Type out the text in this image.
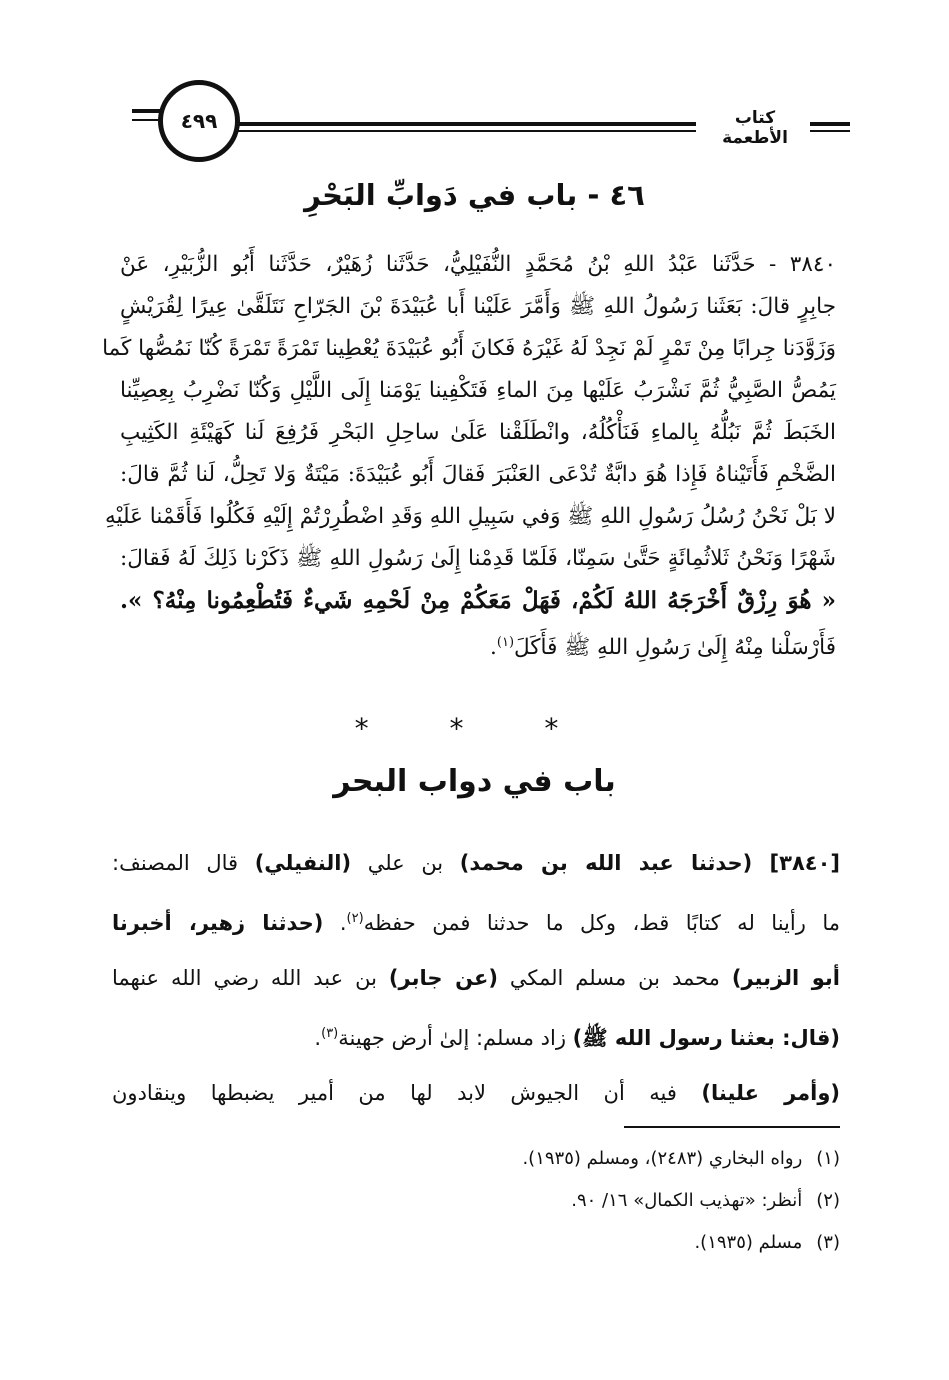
٤٩٩	كتاب الأطعمة
٤٦ - باب في دَوابِّ البَحْرِ
٣٨٤٠ - حَدَّثَنا عَبْدُ اللهِ بْنُ مُحَمَّدٍ النُّفَيْلِيُّ، حَدَّثَنا زُهَيْرٌ، حَدَّثَنا أَبُو الزُّبَيْرِ، عَنْ
جابِرٍ قالَ: بَعَثَنا رَسُولُ اللهِ ﷺ وَأَمَّرَ عَلَيْنا أَبا عُبَيْدَةَ بْنَ الجَرّاحِ نَتَلَقَّىٰ عِيرًا لِقُرَيْشٍ
وَزَوَّدَنا جِرابًا مِنْ تَمْرٍ لَمْ نَجِدْ لَهُ غَيْرَهُ فَكانَ أَبُو عُبَيْدَةَ يُعْطِينا تَمْرَةً تَمْرَةً كُنّا نَمُصُّها كَما
يَمُصُّ الصَّبِيُّ ثُمَّ نَشْرَبُ عَلَيْها مِنَ الماءِ فَتَكْفِينا يَوْمَنا إِلَى اللَّيْلِ وَكُنّا نَضْرِبُ بِعِصِيِّنا
الخَبَطَ ثُمَّ نَبُلُّهُ بِالماءِ فَنَأْكُلُهُ، وانْطَلَقْنا عَلَىٰ ساحِلِ البَحْرِ فَرُفِعَ لَنا كَهَيْئَةِ الكَثِيبِ
الضَّخْمِ فَأَتَيْناهُ فَإِذا هُوَ دابَّةٌ تُدْعَى العَنْبَرَ فَقالَ أَبُو عُبَيْدَةَ: مَيْتَةٌ وَلا تَحِلُّ، لَنا ثُمَّ قالَ:
لا بَلْ نَحْنُ رُسُلُ رَسُولِ اللهِ ﷺ وَفي سَبِيلِ اللهِ وَقَدِ اضْطُرِرْتُمْ إِلَيْهِ فَكُلُوا فَأَقَمْنا عَلَيْهِ
شَهْرًا وَنَحْنُ ثَلاثُمِائَةٍ حَتَّىٰ سَمِنّا، فَلَمّا قَدِمْنا إِلَىٰ رَسُولِ اللهِ ﷺ ذَكَرْنا ذَلِكَ لَهُ فَقالَ:
« هُوَ رِزْقٌ أَخْرَجَهُ اللهُ لَكُمْ، فَهَلْ مَعَكُمْ مِنْ لَحْمِهِ شَيءٌ فَتُطْعِمُونا مِنْهُ؟ ».
فَأَرْسَلْنا مِنْهُ إِلَىٰ رَسُولِ اللهِ ﷺ فَأَكَلَ$^{(١)}$.
* * *
باب في دواب البحر
[٣٨٤٠] (حدثنا عبد الله بن محمد) بن علي (النفيلي) قال المصنف:
ما رأينا له كتابًا قط، وكل ما حدثنا فمن حفظه$^{(٢)}$. (حدثنا زهير، أخبرنا
أبو الزبير) محمد بن مسلم المكي (عن جابر) بن عبد الله رضي الله عنهما
(قال: بعثنا رسول الله ﷺ) زاد مسلم: إلىٰ أرض جهينة$^{(٣)}$.
(وأمر علينا) فيه أن الجيوش لابد لها من أمير يضبطها وينقادون
(١)رواه البخاري (٢٤٨٣)، ومسلم (١٩٣٥).
(٢)أنظر: «تهذيب الكمال» ١٦/ ٩٠.
(٣)مسلم (١٩٣٥).
